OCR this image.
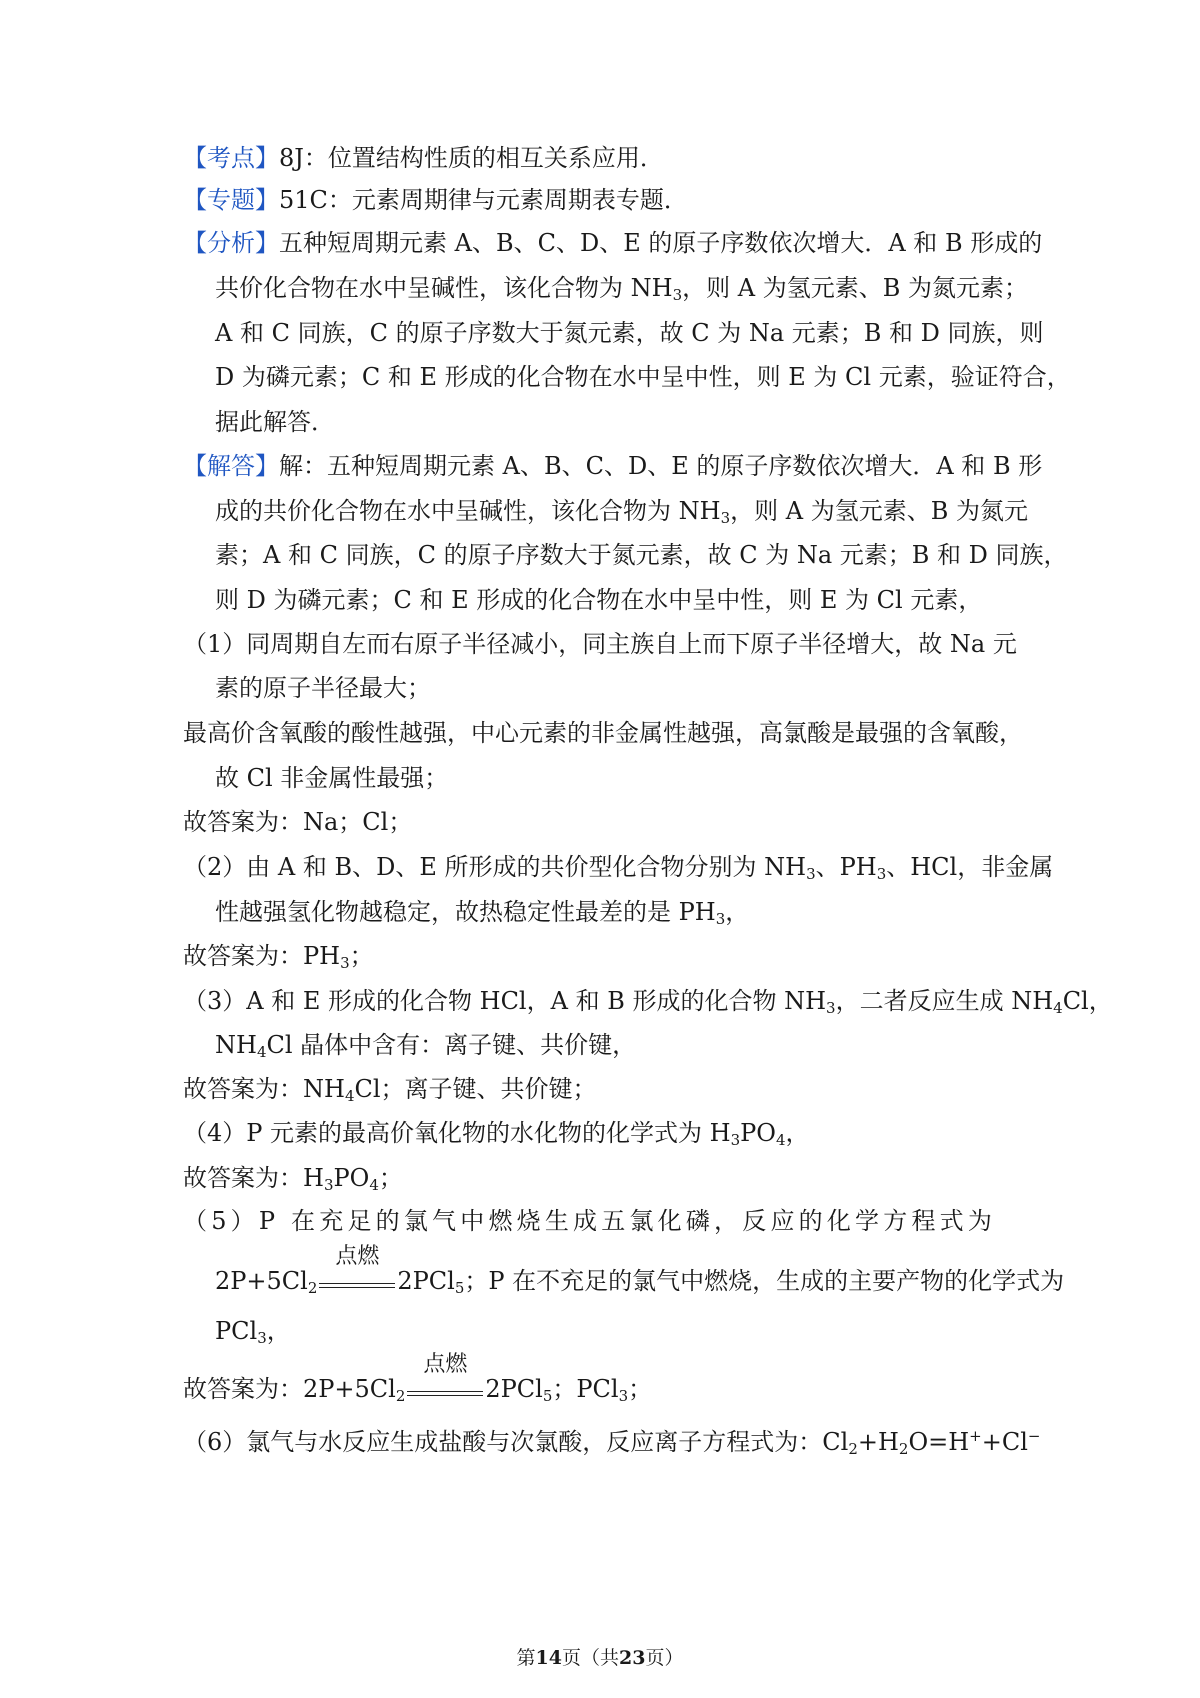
【考点】8J：位置结构性质的相互关系应用．
【专题】51C：元素周期律与元素周期表专题．
【分析】五种短周期元素 A、B、C、D、E 的原子序数依次增大．A 和 B 形成的
共价化合物在水中呈碱性，该化合物为 $NH_3$，则 A 为氢元素、B 为氮元素；
A 和 C 同族，C 的原子序数大于氮元素，故 C 为 Na 元素；B 和 D 同族，则
D 为磷元素；C 和 E 形成的化合物在水中呈中性，则 E 为 Cl 元素，验证符合，
据此解答．
【解答】解：五种短周期元素 A、B、C、D、E 的原子序数依次增大．A 和 B 形
成的共价化合物在水中呈碱性，该化合物为 $NH_3$，则 A 为氢元素、B 为氮元
素；A 和 C 同族，C 的原子序数大于氮元素，故 C 为 Na 元素；B 和 D 同族，
则 D 为磷元素；C 和 E 形成的化合物在水中呈中性，则 E 为 Cl 元素，
（1）同周期自左而右原子半径减小，同主族自上而下原子半径增大，故 Na 元
素的原子半径最大；
最高价含氧酸的酸性越强，中心元素的非金属性越强，高氯酸是最强的含氧酸，
故 Cl 非金属性最强；
故答案为：Na；Cl；
（2）由 A 和 B、D、E 所形成的共价型化合物分别为 $NH_3$、$PH_3$、HCl，非金属
性越强氢化物越稳定，故热稳定性最差的是 $PH_3$，
故答案为：$PH_3$；
（3）A 和 E 形成的化合物 HCl，A 和 B 形成的化合物 $NH_3$，二者反应生成 $NH_4Cl$，
$NH_4Cl$ 晶体中含有：离子键、共价键，
故答案为：$NH_4Cl$；离子键、共价键；
（4）P 元素的最高价氧化物的水化物的化学式为 $H_3PO_4$，
故答案为：$H_3PO_4$；
（5）P 在充足的氯气中燃烧生成五氯化磷，反应的化学方程式为
$2P+5Cl_2$
点燃
2PCl$_5$；P 在不充足的氯气中燃烧，生成的主要产物的化学式为
PCl$_3$，
故答案为：$2P+5Cl_2$
点燃
2PCl$_5$；PCl$_3$；
（6）氯气与水反应生成盐酸与次氯酸，反应离子方程式为：$Cl_2+H_2O=H^++Cl^-$
第14页（共23页）
